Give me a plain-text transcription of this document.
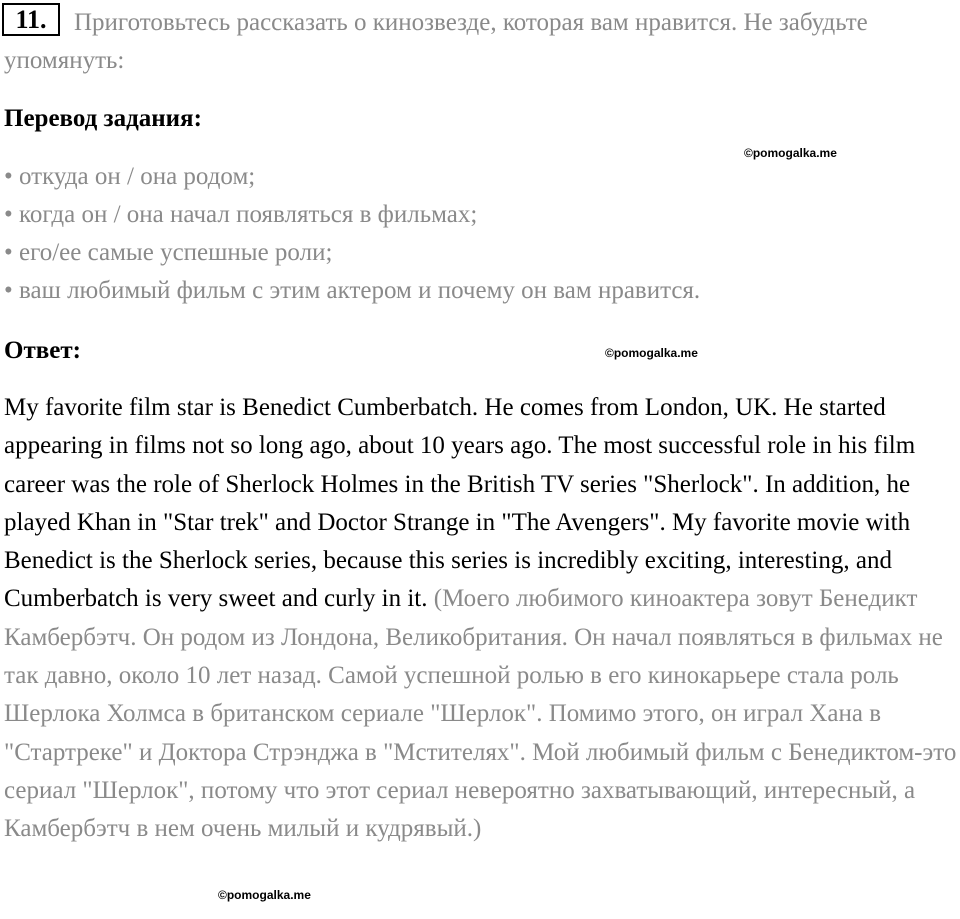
Приготовьтесь рассказать о кинозвезде, которая вам нравится. Не забудьте упомянуть:
11.
Перевод задания:
©pomogalka.me
• откуда он / она родом;
• когда он / она начал появляться в фильмах;
• его/ее самые успешные роли;
• ваш любимый фильм с этим актером и почему он вам нравится.
Ответ:	©pomogalka.me

My favorite film star is Benedict Cumberbatch. He comes from London, UK. He started appearing in films not so long ago, about 10 years ago. The most successful role in his film career was the role of Sherlock Holmes in the British TV series "Sherlock". In addition, he played Khan in "Star trek" and Doctor Strange in "The Avengers". My favorite movie with Benedict is the Sherlock series, because this series is incredibly exciting, interesting, and Cumberbatch is very sweet and curly in it. (Моего любимого киноактера зовут Бенедикт Камбербэтч. Он родом из Лондона, Великобритания. Он начал появляться в фильмах не так давно, около 10 лет назад. Самой успешной ролью в его кинокарьере стала роль Шерлока Холмса в британском сериале "Шерлок". Помимо этого, он играл Хана в "Стартреке" и Доктора Стрэнджа в "Мстителях". Мой любимый фильм с Бенедиктом-это сериал "Шерлок", потому что этот сериал невероятно захватывающий, интересный, а Камбербэтч в нем очень милый и кудрявый.)

©pomogalka.me
